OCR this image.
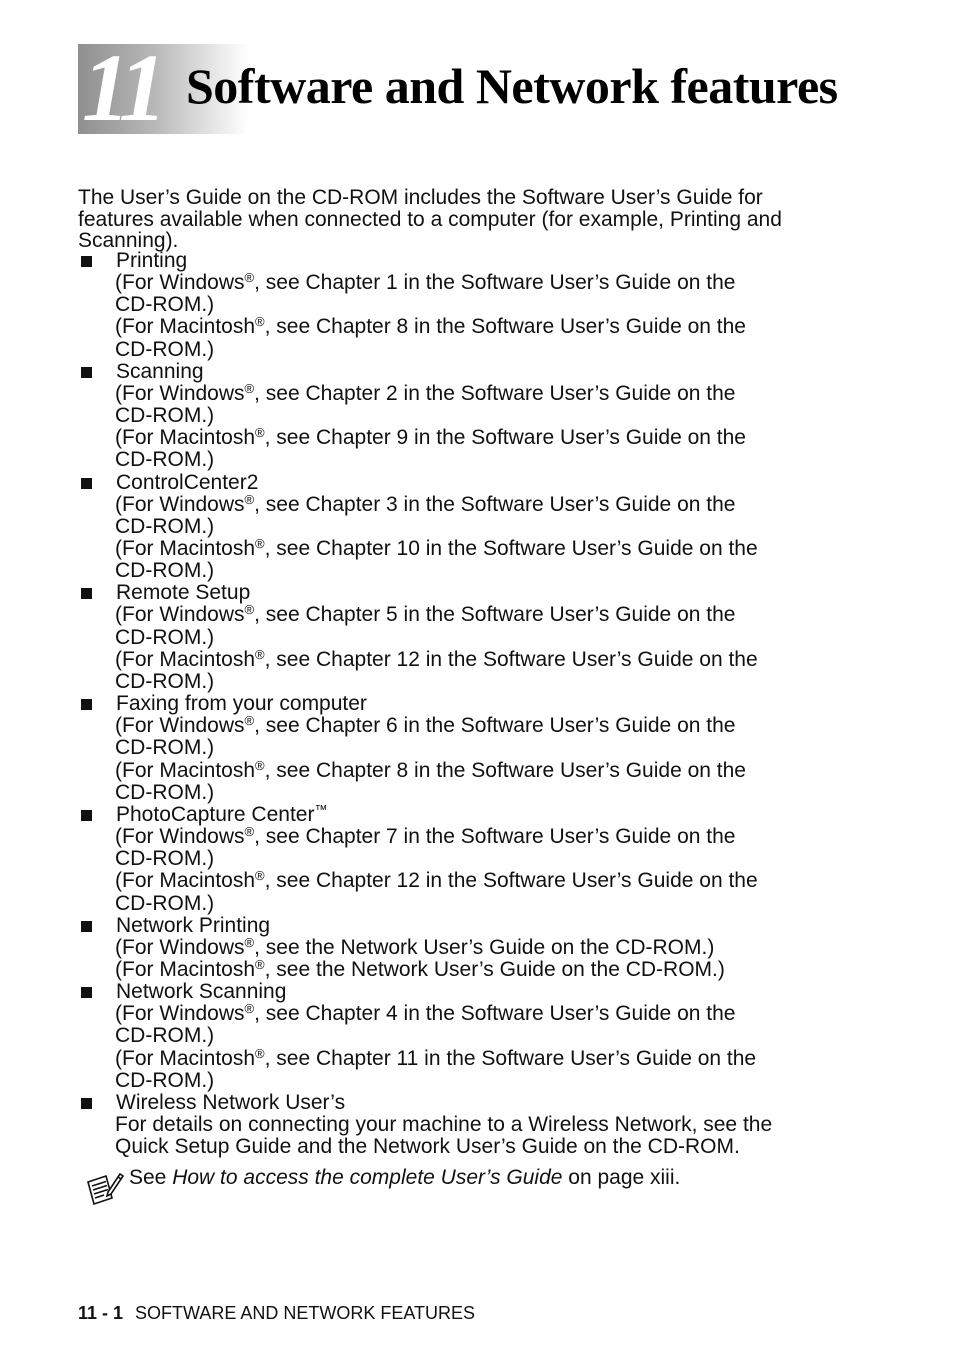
11 Software and Network features
The User’s Guide on the CD-ROM includes the Software User’s Guide for
features available when connected to a computer (for example, Printing and
Scanning).
Printing
(For Windows®, see Chapter 1 in the Software User’s Guide on the
CD-ROM.)
(For Macintosh®, see Chapter 8 in the Software User’s Guide on the
CD-ROM.)
Scanning
(For Windows®, see Chapter 2 in the Software User’s Guide on the
CD-ROM.)
(For Macintosh®, see Chapter 9 in the Software User’s Guide on the
CD-ROM.)
ControlCenter2
(For Windows®, see Chapter 3 in the Software User’s Guide on the
CD-ROM.)
(For Macintosh®, see Chapter 10 in the Software User’s Guide on the
CD-ROM.)
Remote Setup
(For Windows®, see Chapter 5 in the Software User’s Guide on the
CD-ROM.)
(For Macintosh®, see Chapter 12 in the Software User’s Guide on the
CD-ROM.)
Faxing from your computer
(For Windows®, see Chapter 6 in the Software User’s Guide on the
CD-ROM.)
(For Macintosh®, see Chapter 8 in the Software User’s Guide on the
CD-ROM.)
PhotoCapture Center™
(For Windows®, see Chapter 7 in the Software User’s Guide on the
CD-ROM.)
(For Macintosh®, see Chapter 12 in the Software User’s Guide on the
CD-ROM.)
Network Printing
(For Windows®, see the Network User’s Guide on the CD-ROM.)
(For Macintosh®, see the Network User’s Guide on the CD-ROM.)
Network Scanning
(For Windows®, see Chapter 4 in the Software User’s Guide on the
CD-ROM.)
(For Macintosh®, see Chapter 11 in the Software User’s Guide on the
CD-ROM.)
Wireless Network User’s
For details on connecting your machine to a Wireless Network, see the
Quick Setup Guide and the Network User’s Guide on the CD-ROM.
See How to access the complete User’s Guide on page xiii.
11 - 1 SOFTWARE AND NETWORK FEATURES
